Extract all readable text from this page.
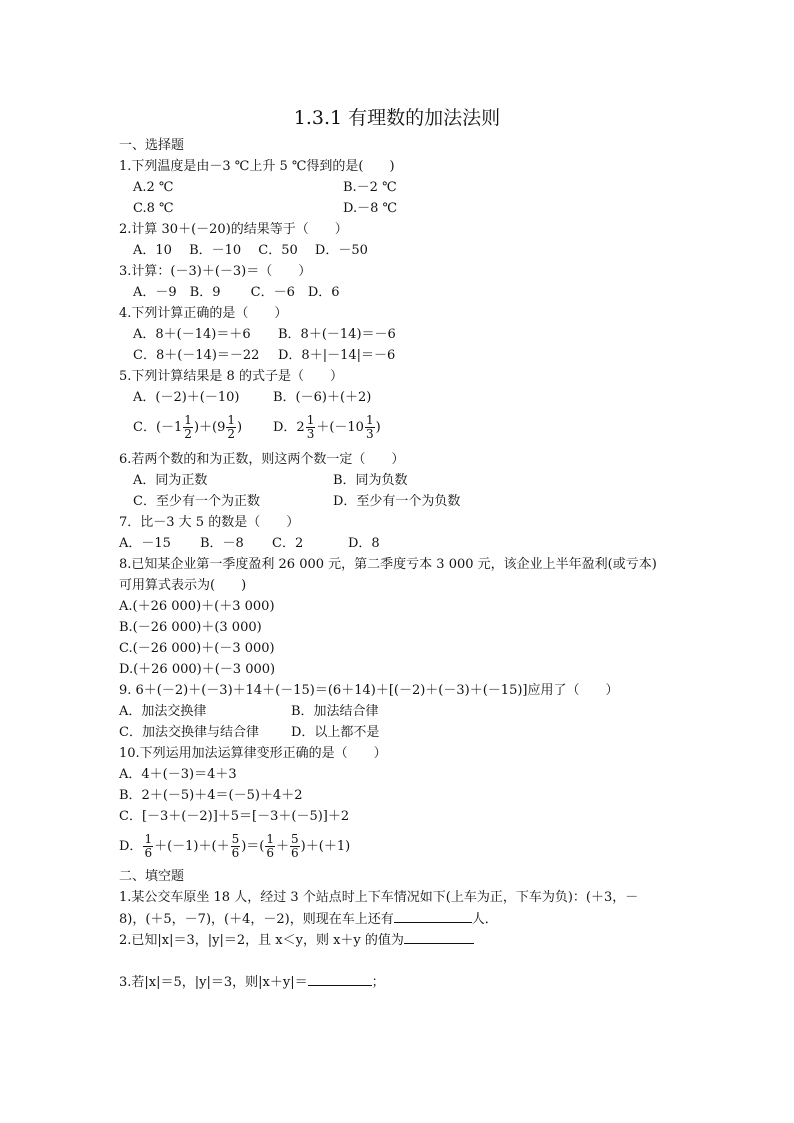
1.3.1 有理数的加法法则
一、选择题
1.下列温度是由－3 ℃上升 5 ℃得到的是(　　)
A.2 ℃	B.－2 ℃
C.8 ℃	D.－8 ℃
2.计算 30＋(－20)的结果等于（　　）
A．10　 B．－10　 C．50　 D．－50
3.计算：(－3)＋(－3)＝（　　）
A．－9　B．9　　 C．－6　D．6
4.下列计算正确的是（　　）
A．8＋(－14)＝＋6 B．8＋(－14)＝－6
C．8＋(－14)＝－22 D．8＋|－14|＝－6
5.下列计算结果是 8 的式子是（　　）
A．(－2)＋(－10)	B．(－6)＋(＋2)
C．$(-1 \frac{1}{2} )+(9 \frac{1}{2}$ ) D．$2 \frac{1}{3} +(-10 \frac{1}{3}$ )
6.若两个数的和为正数，则这两个数一定（　　）
A．同为正数	B．同为负数
C．至少有一个为正数	D．至少有一个为负数
7．比－3 大 5 的数是（　　）
A．－15 B．－8 C．2	D．8
8.已知某企业第一季度盈利 26 000 元，第二季度亏本 3 000 元，该企业上半年盈利(或亏本)
可用算式表示为(　　)
A.(＋26 000)＋(＋3 000)
B.(－26 000)＋(3 000)
C.(－26 000)＋(－3 000)
D.(＋26 000)＋(－3 000)
9. 6＋(－2)＋(－3)＋14＋(－15)＝(6＋14)＋[(－2)＋(－3)＋(－15)]应用了（　　）
A．加法交换律	B．加法结合律
C．加法交换律与结合律 D．以上都不是
10.下列运用加法运算律变形正确的是（　　）
A．4＋(－3)＝4＋3
B．2＋(－5)＋4＝(－5)＋4＋2
C．[－3＋(－2)]＋5＝[－3＋(－5)]＋2
D． $\frac{1}{6} +(-1)+(+ \frac{5}{6}$ )＝( $\frac{1}{6} + \frac{5}{6} )+(+1)$
二、填空题
1.某公交车原坐 18 人，经过 3 个站点时上下车情况如下(上车为正，下车为负)：(＋3，－
8)，(＋5，－7)，(＋4，－2)，则现在车上还有	人．
2.已知|x|＝3，|y|＝2，且 x＜y，则 x＋y 的值为
3.若|x|＝5，|y|＝3，则|x＋y|＝	；
